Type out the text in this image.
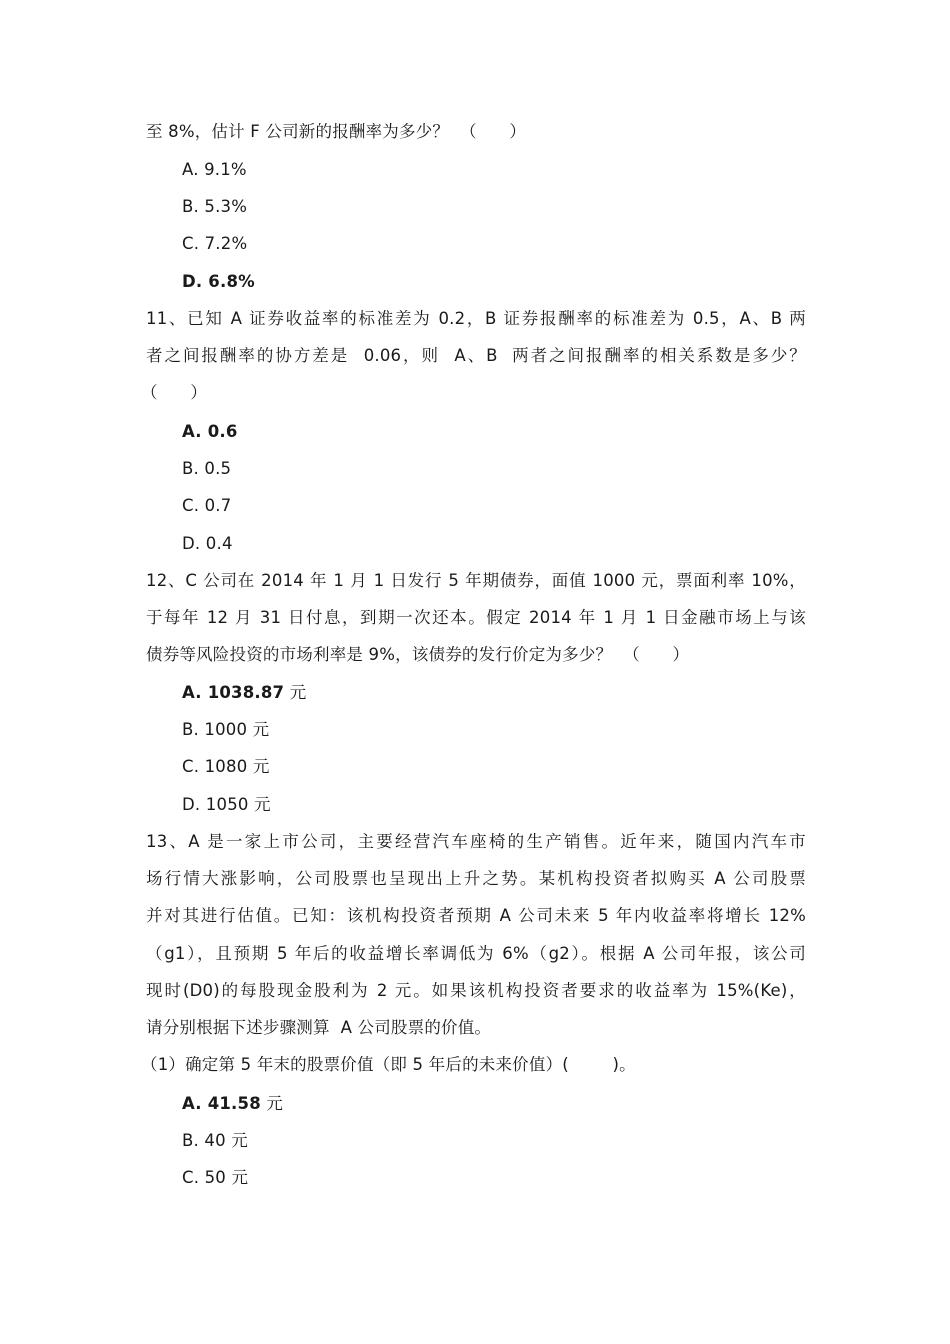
至 8%，估计 F 公司新的报酬率为多少？  （      ）
A. 9.1%
B. 5.3%
C. 7.2%
D. 6.8%
11、已知 A 证券收益率的标准差为 0.2，B 证券报酬率的标准差为 0.5，A、B 两
者之间报酬率的协方差是  0.06，则  A、B  两者之间报酬率的相关系数是多少？
（      ）
A. 0.6
B. 0.5
C. 0.7
D. 0.4
12、C 公司在 2014 年 1 月 1 日发行 5 年期债券，面值 1000 元，票面利率 10%，
于每年 12 月 31 日付息，到期一次还本。假定 2014 年 1 月 1 日金融市场上与该
债券等风险投资的市场利率是 9%，该债券的发行价定为多少？  （      ）
A. 1038.87 元
B. 1000 元
C. 1080 元
D. 1050 元
13、A 是一家上市公司，主要经营汽车座椅的生产销售。近年来，随国内汽车市
场行情大涨影响，公司股票也呈现出上升之势。某机构投资者拟购买 A 公司股票
并对其进行估值。已知：该机构投资者预期 A 公司未来 5 年内收益率将增长 12%
（g1），且预期 5 年后的收益增长率调低为 6%（g2）。根据 A 公司年报，该公司
现时(D0)的每股现金股利为 2 元。如果该机构投资者要求的收益率为 15%(Ke)，
请分别根据下述步骤测算  A 公司股票的价值。
（1）确定第 5 年末的股票价值（即 5 年后的未来价值）(        )。
A. 41.58 元
B. 40 元
C. 50 元
